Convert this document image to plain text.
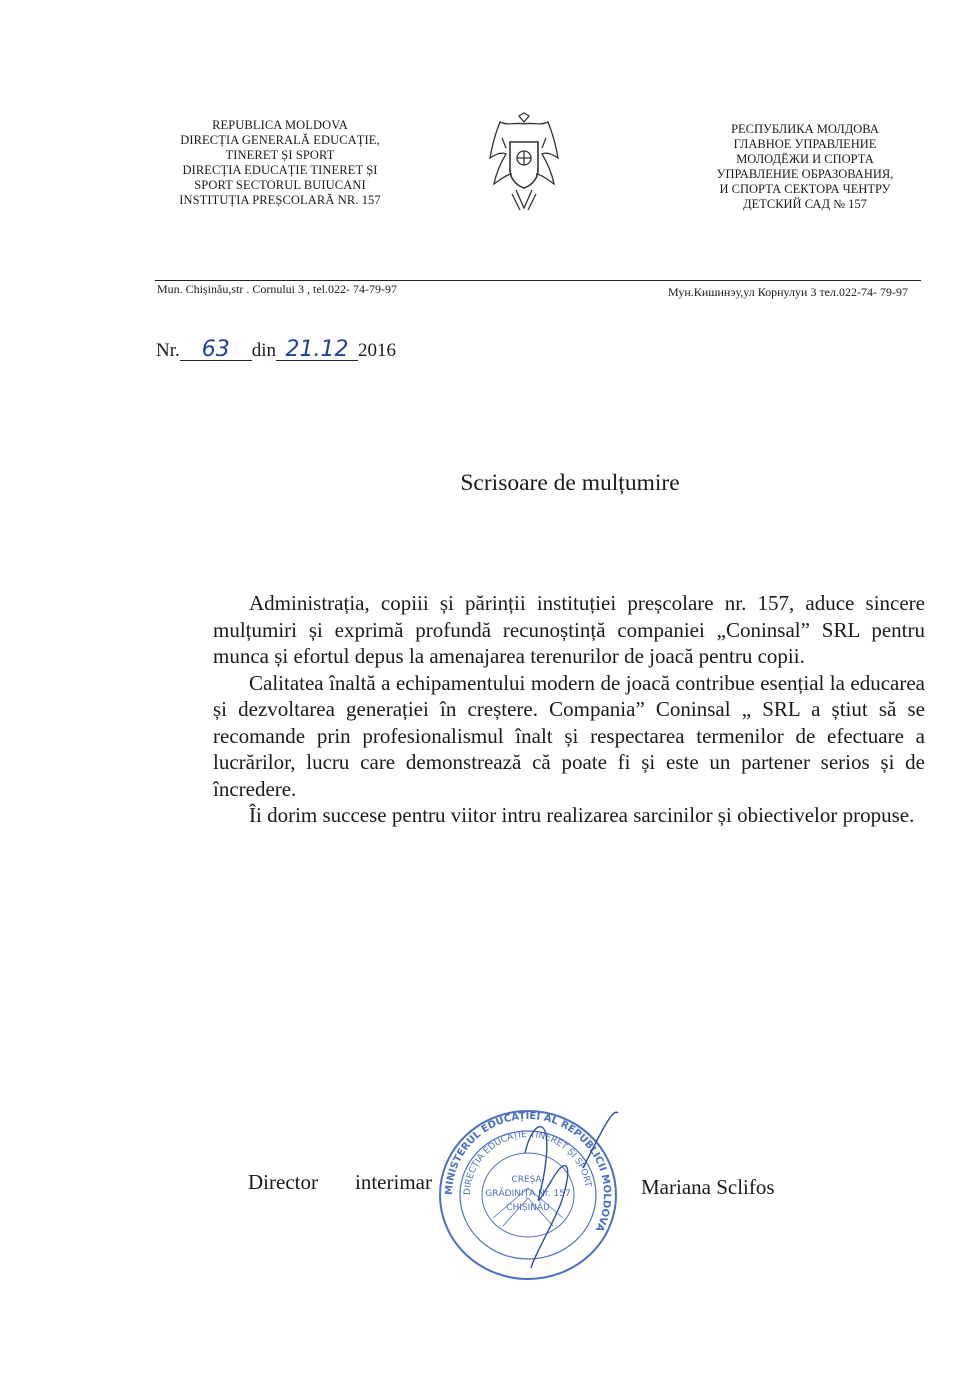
REPUBLICA MOLDOVA
DIRECȚIA GENERALĂ EDUCAȚIE,
TINERET ȘI SPORT
DIRECȚIA EDUCAȚIE TINERET ȘI
SPORT SECTORUL BUIUCANI
INSTITUȚIA PREȘCOLARĂ NR. 157
РЕСПУБЛИКА МОЛДОВА
ГЛАВНОЕ УПРАВЛЕНИЕ
МОЛОДЁЖИ И СПОРТА
УПРАВЛЕНИЕ ОБРАЗОВАНИЯ,
И СПОРТА СЕКТОРА ЧЕНТРУ
ДЕТСКИЙ САД № 157
Mun. Chișinău,str . Cornului 3 , tel.022- 74-79-97	Мун.Кишинэу,ул Корнулуи 3 тел.022-74- 79-97
Nr. 63 din 21.12 2016
Scrisoare de mulțumire

Administrația, copiii și părinții instituției preșcolare nr. 157, aduce sincere mulțumiri și exprimă profundă recunoștință companiei „Coninsal” SRL pentru munca și efortul depus la amenajarea terenurilor de joacă pentru copii.

Calitatea înaltă a echipamentului modern de joacă contribue esențial la educarea și dezvoltarea generației în creștere. Compania” Coninsal „ SRL a știut să se recomande prin profesionalismul înalt și respectarea termenilor de efectuare a lucrărilor, lucru care demonstrează că poate fi și este un partener serios și de încredere.

Îi dorim succese pentru viitor intru realizarea sarcinilor și obiectivelor propuse.

Director interimar	Mariana Sclifos
MINISTERUL EDUCAȚIEI AL REPUBLICII MOLDOVA
DIRECȚIA EDUCAȚIE TINERET ȘI SPORT
CREȘA-
GRĂDINIȚA Nr. 157
CHIȘINĂU
